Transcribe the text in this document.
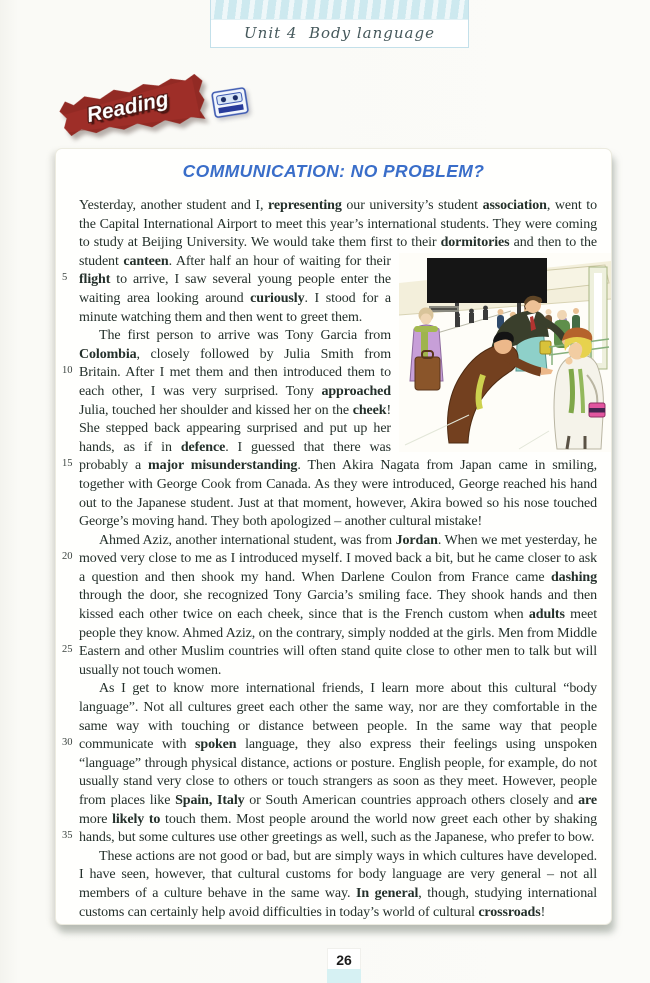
Unit 4  Body language
Reading
COMMUNICATION: NO PROBLEM?
5
10
15
20
25
30
35

Yesterday, another student and I, representing our university’s student association, went to the Capital International Airport to meet this year’s international students. They were coming to study at Beijing University. We would take them first to their dormitories and then to the student canteen. After half an hour of waiting for their flight to arrive, I saw several young people enter the waiting area looking around curiously. I stood for a minute watching them and then went to greet them.

The first person to arrive was Tony Garcia from Colombia, closely followed by Julia Smith from Britain. After I met them and then introduced them to each other, I was very surprised. Tony approached Julia, touched her shoulder and kissed her on the cheek! She stepped back appearing surprised and put up her hands, as if in defence. I guessed that there was probably a major misunderstanding. Then Akira Nagata from Japan came in smiling, together with George Cook from Canada. As they were introduced, George reached his hand out to the Japanese student. Just at that moment, however, Akira bowed so his nose touched George’s moving hand. They both apologized – another cultural mistake!

Ahmed Aziz, another international student, was from Jordan. When we met yesterday, he moved very close to me as I introduced myself. I moved back a bit, but he came closer to ask a question and then shook my hand. When Darlene Coulon from France came dashing through the door, she recognized Tony Garcia’s smiling face. They shook hands and then kissed each other twice on each cheek, since that is the French custom when adults meet people they know. Ahmed Aziz, on the contrary, simply nodded at the girls. Men from Middle Eastern and other Muslim countries will often stand quite close to other men to talk but will usually not touch women.

As I get to know more international friends, I learn more about this cultural “body language”. Not all cultures greet each other the same way, nor are they comfortable in the same way with touching or distance between people. In the same way that people communicate with spoken language, they also express their feelings using unspoken “language” through physical distance, actions or posture. English people, for example, do not usually stand very close to others or touch strangers as soon as they meet. However, people from places like Spain, Italy or South American countries approach others closely and are more likely to touch them. Most people around the world now greet each other by shaking hands, but some cultures use other greetings as well, such as the Japanese, who prefer to bow.

These actions are not good or bad, but are simply ways in which cultures have developed. I have seen, however, that cultural customs for body language are very general – not all members of a culture behave in the same way. In general, though, studying international customs can certainly help avoid difficulties in today’s world of cultural crossroads!

26
